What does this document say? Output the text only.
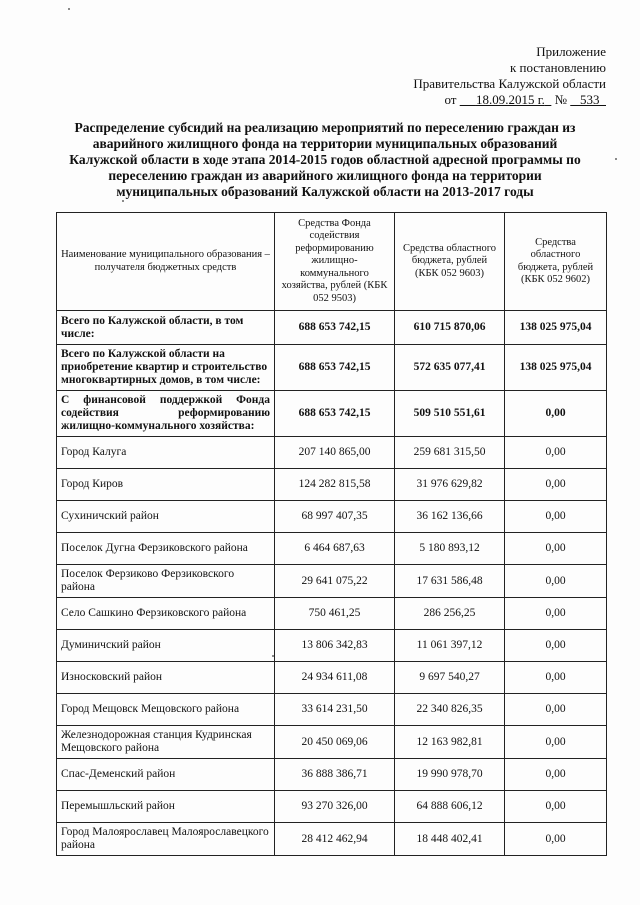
Приложение
к постановлению
Правительства Калужской области
от 18.09.2015 г. № 533
Распределение субсидий на реализацию мероприятий по переселению граждан из аварийного жилищного фонда на территории муниципальных образований Калужской области в ходе этапа 2014-2015 годов областной адресной программы по переселению граждан из аварийного жилищного фонда на территории муниципальных образований Калужской области на 2013-2017 годы
Наименование муниципального образования – получателя бюджетных средств	Средства Фонда содействия реформированию жилищно-коммунального хозяйства, рублей (КБК 052 9503)	Средства областного бюджета, рублей (КБК 052 9603)	Средства областного бюджета, рублей (КБК 052 9602)
Всего по Калужской области, в том числе:	688 653 742,15	610 715 870,06	138 025 975,04
Всего по Калужской области на приобретение квартир и строительство многоквартирных домов, в том числе:	688 653 742,15	572 635 077,41	138 025 975,04
С финансовой поддержкой Фонда содействия реформированию жилищно-коммунального хозяйства:	688 653 742,15	509 510 551,61	0,00
Город Калуга	207 140 865,00	259 681 315,50	0,00
Город Киров	124 282 815,58	31 976 629,82	0,00
Сухиничский район	68 997 407,35	36 162 136,66	0,00
Поселок Дугна Ферзиковского района	6 464 687,63	5 180 893,12	0,00
Поселок Ферзиково Ферзиковского района	29 641 075,22	17 631 586,48	0,00
Село Сашкино Ферзиковского района	750 461,25	286 256,25	0,00
Думиничский район	13 806 342,83	11 061 397,12	0,00
Износковский район	24 934 611,08	9 697 540,27	0,00
Город Мещовск Мещовского района	33 614 231,50	22 340 826,35	0,00
Железнодорожная станция Кудринская Мещовского района	20 450 069,06	12 163 982,81	0,00
Спас-Деменский район	36 888 386,71	19 990 978,70	0,00
Перемышльский район	93 270 326,00	64 888 606,12	0,00
Город Малоярославец Малоярославецкого района	28 412 462,94	18 448 402,41	0,00
